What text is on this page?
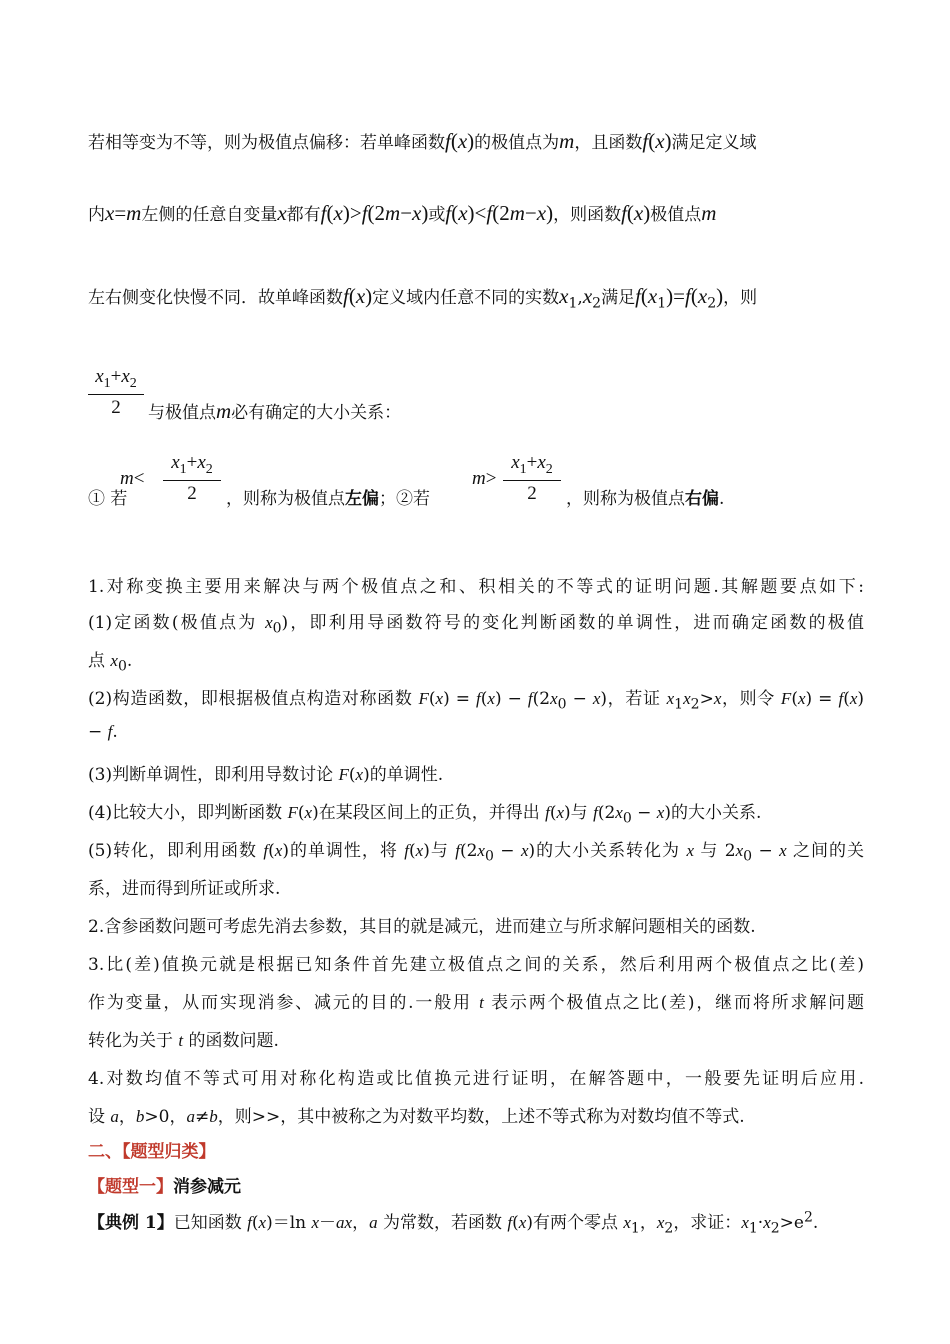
若相等变为不等，则为极值点偏移：若单峰函数f(x)的极值点为m，且函数f(x)满足定义域
内x=m左侧的任意自变量x都有f(x)>f(2m−x)或f(x)<f(2m−x)，则函数f(x)极值点m
左右侧变化快慢不同．故单峰函数f(x)定义域内任意不同的实数$x_1,x_2$满足$f(x_1)=f(x_2)$，则
$x_1+x_2$
2	与极值点m必有确定的大小关系：
① 若
m<
$x_1+x_2$
2	，则称为极值点左偏；②若
m>
$x_1+x_2$
2	，则称为极值点右偏.
1.对称变换主要用来解决与两个极值点之和、积相关的不等式的证明问题.其解题要点如下:
(1)定函数(极值点为 $x_0$)，即利用导函数符号的变化判断函数的单调性，进而确定函数的极值
点 $x_0$.
(2)构造函数，即根据极值点构造对称函数 $F(x) = f(x) - f(2x_0 - x)$，若证 $x_1x_2>x$，则令 F(x) = f(x)
− f.
(3)判断单调性，即利用导数讨论 F(x)的单调性.
(4)比较大小，即判断函数 F(x)在某段区间上的正负，并得出 f(x)与 $f(2x_0 - x)$的大小关系.
(5)转化，即利用函数 f(x)的单调性，将 f(x)与 $f(2x_0 - x)$的大小关系转化为 x 与 $2x_0 - x$ 之间的关
系，进而得到所证或所求.
2.含参函数问题可考虑先消去参数，其目的就是减元，进而建立与所求解问题相关的函数.
3.比(差)值换元就是根据已知条件首先建立极值点之间的关系，然后利用两个极值点之比(差)
作为变量，从而实现消参、减元的目的.一般用 t 表示两个极值点之比(差)，继而将所求解问题
转化为关于 t 的函数问题.
4.对数均值不等式可用对称化构造或比值换元进行证明，在解答题中，一般要先证明后应用.
设 a，b>0，a≠b，则>>，其中被称之为对数平均数，上述不等式称为对数均值不等式.
二、【题型归类】
【题型一】消参减元
【典例 1】已知函数 f(x)＝ln x－ax，a 为常数，若函数 f(x)有两个零点 $x_1$，$x_2$，求证：$x_1\cdot x_2>e^2$.
